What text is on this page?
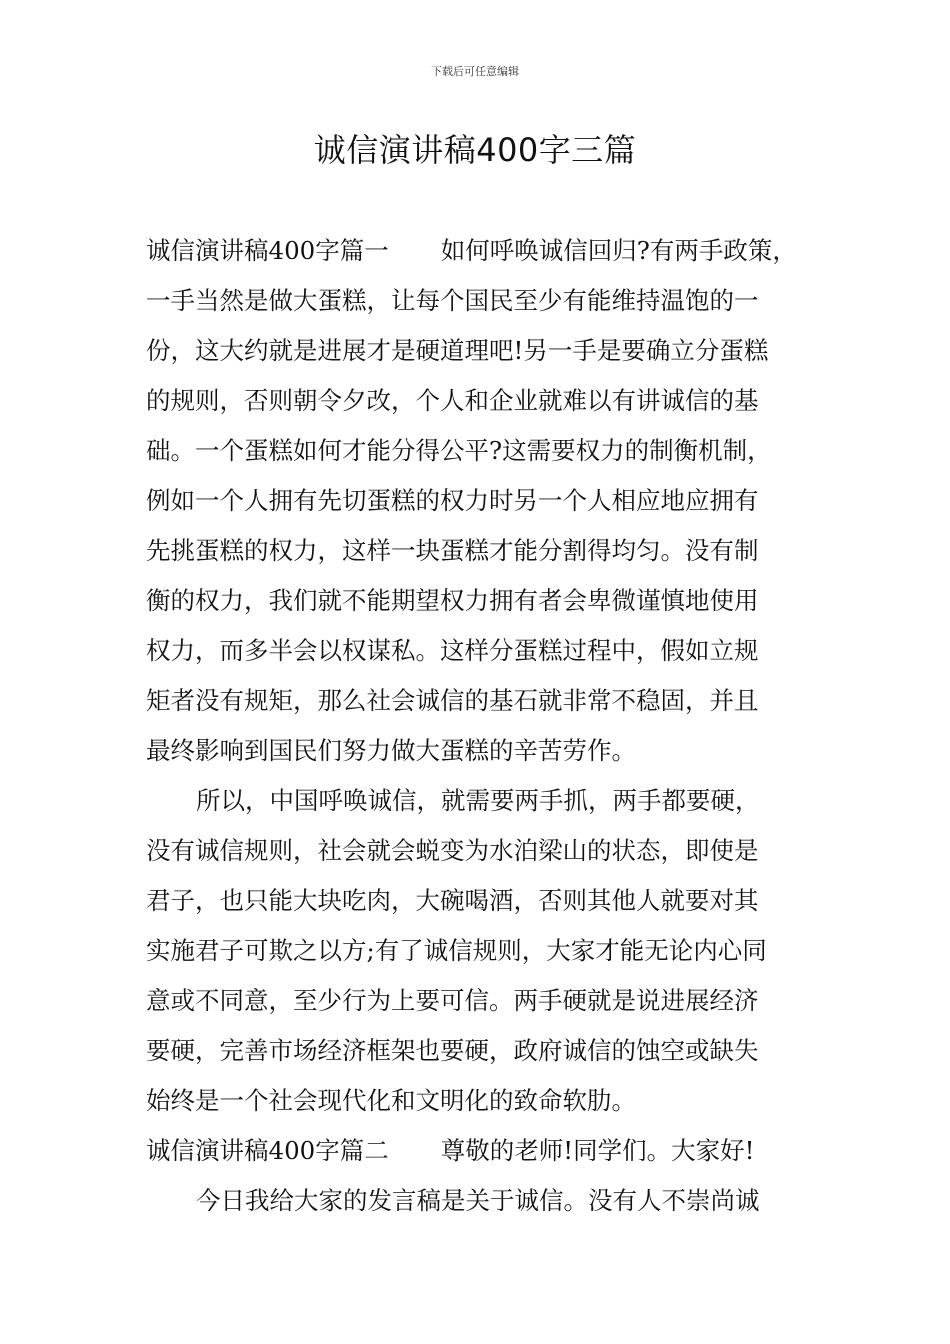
下载后可任意编辑
诚信演讲稿400字三篇
诚信演讲稿400字篇一 如何呼唤诚信回归?有两手政策，
一手当然是做大蛋糕，让每个国民至少有能维持温饱的一
份，这大约就是进展才是硬道理吧!另一手是要确立分蛋糕
的规则，否则朝令夕改，个人和企业就难以有讲诚信的基
础。一个蛋糕如何才能分得公平?这需要权力的制衡机制，
例如一个人拥有先切蛋糕的权力时另一个人相应地应拥有
先挑蛋糕的权力，这样一块蛋糕才能分割得均匀。没有制
衡的权力，我们就不能期望权力拥有者会卑微谨慎地使用
权力，而多半会以权谋私。这样分蛋糕过程中，假如立规
矩者没有规矩，那么社会诚信的基石就非常不稳固，并且
最终影响到国民们努力做大蛋糕的辛苦劳作。
所以，中国呼唤诚信，就需要两手抓，两手都要硬，
没有诚信规则，社会就会蜕变为水泊梁山的状态，即使是
君子，也只能大块吃肉，大碗喝酒，否则其他人就要对其
实施君子可欺之以方;有了诚信规则，大家才能无论内心同
意或不同意，至少行为上要可信。两手硬就是说进展经济
要硬，完善市场经济框架也要硬，政府诚信的蚀空或缺失
始终是一个社会现代化和文明化的致命软肋。
诚信演讲稿400字篇二 尊敬的老师!同学们。大家好!
今日我给大家的发言稿是关于诚信。没有人不崇尚诚
